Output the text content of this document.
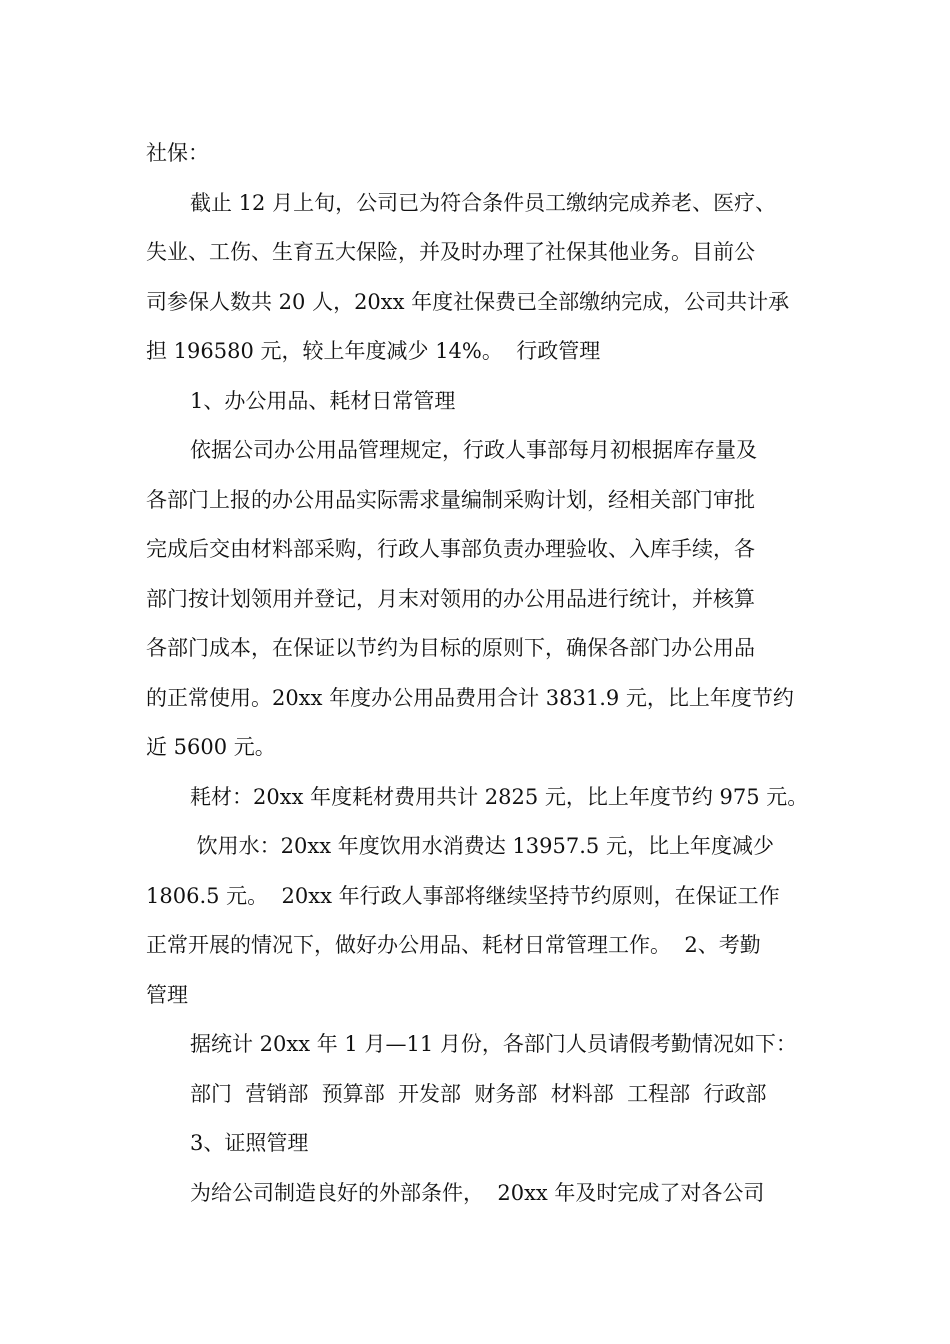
社保：
截止 12 月上旬，公司已为符合条件员工缴纳完成养老、医疗、
失业、工伤、生育五大保险，并及时办理了社保其他业务。目前公
司参保人数共 20 人，20xx 年度社保费已全部缴纳完成，公司共计承
担 196580 元，较上年度减少 14%。  行政管理
1、办公用品、耗材日常管理
依据公司办公用品管理规定，行政人事部每月初根据库存量及
各部门上报的办公用品实际需求量编制采购计划，经相关部门审批
完成后交由材料部采购，行政人事部负责办理验收、入库手续，各
部门按计划领用并登记，月末对领用的办公用品进行统计，并核算
各部门成本，在保证以节约为目标的原则下，确保各部门办公用品
的正常使用。20xx 年度办公用品费用合计 3831.9 元，比上年度节约
近 5600 元。
耗材：20xx 年度耗材费用共计 2825 元，比上年度节约 975 元。
饮用水：20xx 年度饮用水消费达 13957.5 元，比上年度减少
1806.5 元。  20xx 年行政人事部将继续坚持节约原则，在保证工作
正常开展的情况下，做好办公用品、耗材日常管理工作。  2、考勤
管理
据统计 20xx 年 1 月—11 月份，各部门人员请假考勤情况如下：
部门  营销部  预算部  开发部  财务部  材料部  工程部  行政部
3、证照管理
为给公司制造良好的外部条件，  20xx 年及时完成了对各公司
